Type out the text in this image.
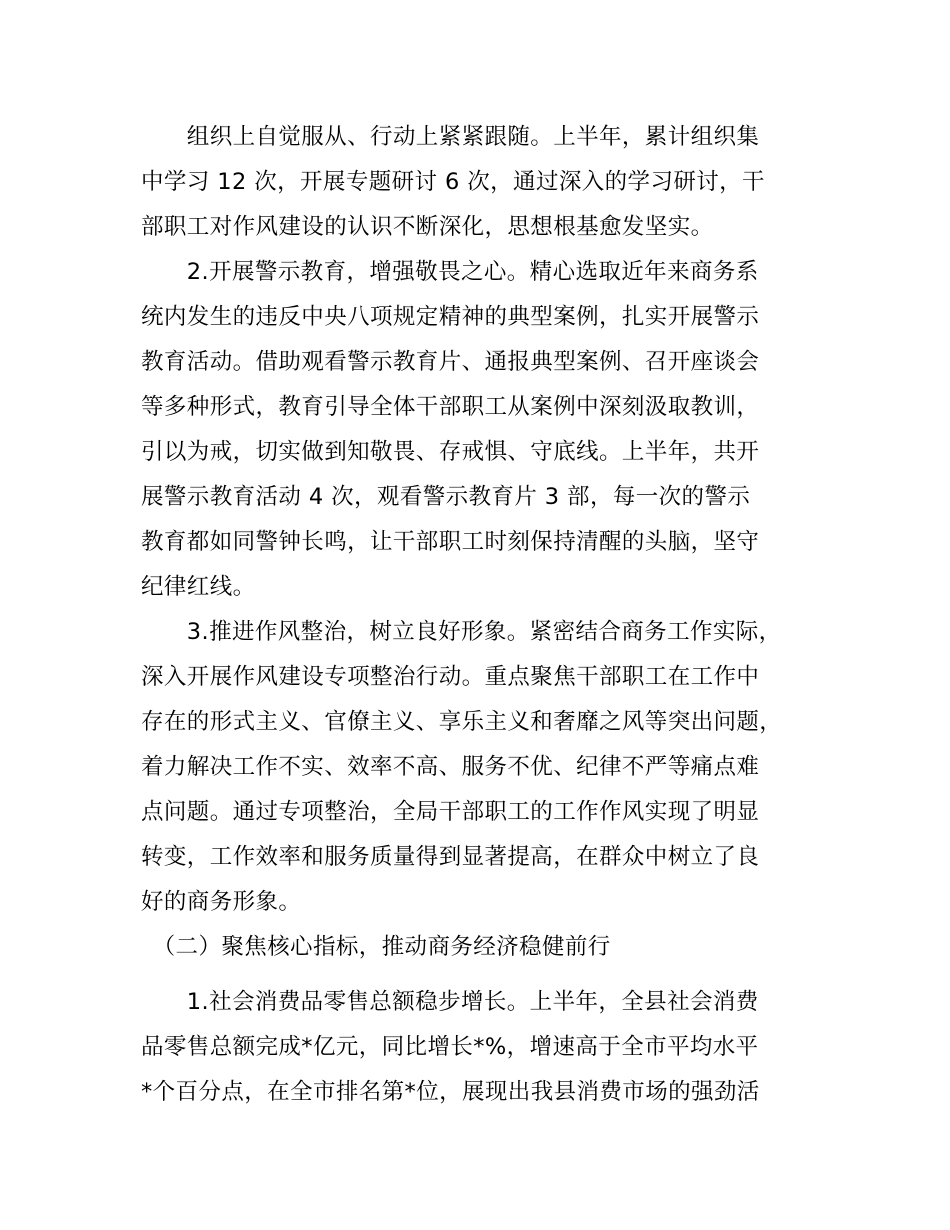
　　组织上自觉服从、行动上紧紧跟随。上半年，累计组织集
中学习 12 次，开展专题研讨 6 次，通过深入的学习研讨，干
部职工对作风建设的认识不断深化，思想根基愈发坚实。
　　2.开展警示教育，增强敬畏之心。精心选取近年来商务系
统内发生的违反中央八项规定精神的典型案例，扎实开展警示
教育活动。借助观看警示教育片、通报典型案例、召开座谈会
等多种形式，教育引导全体干部职工从案例中深刻汲取教训，
引以为戒，切实做到知敬畏、存戒惧、守底线。上半年，共开
展警示教育活动 4 次，观看警示教育片 3 部，每一次的警示
教育都如同警钟长鸣，让干部职工时刻保持清醒的头脑，坚守
纪律红线。
　　3.推进作风整治，树立良好形象。紧密结合商务工作实际，
深入开展作风建设专项整治行动。重点聚焦干部职工在工作中
存在的形式主义、官僚主义、享乐主义和奢靡之风等突出问题，
着力解决工作不实、效率不高、服务不优、纪律不严等痛点难
点问题。通过专项整治，全局干部职工的工作作风实现了明显
转变，工作效率和服务质量得到显著提高，在群众中树立了良
好的商务形象。
　（二）聚焦核心指标，推动商务经济稳健前行
　　1.社会消费品零售总额稳步增长。上半年，全县社会消费
品零售总额完成*亿元，同比增长*%，增速高于全市平均水平
*个百分点，在全市排名第*位，展现出我县消费市场的强劲活
